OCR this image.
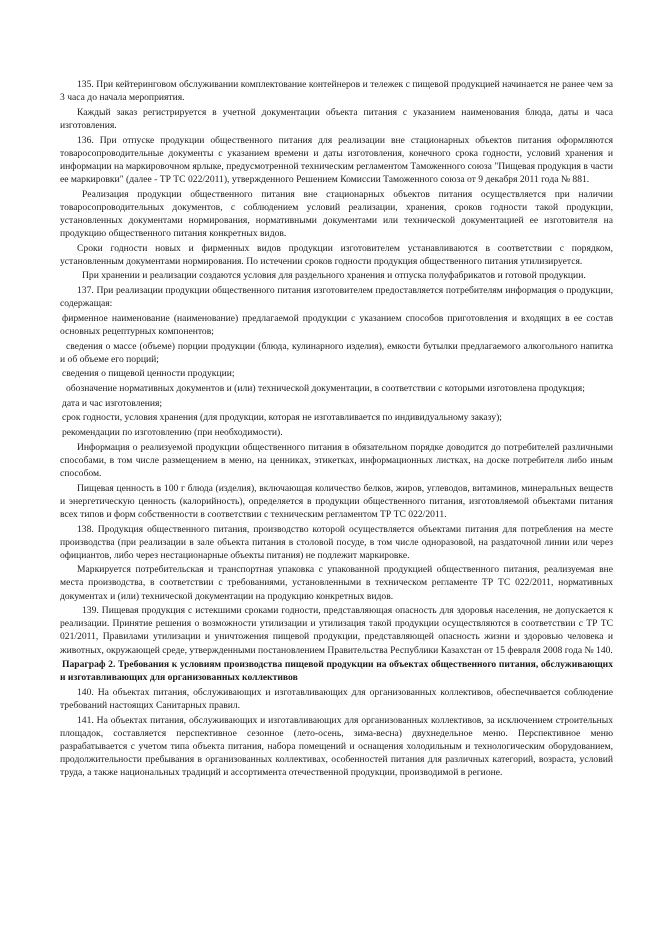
135. При кейтеринговом обслуживании комплектование контейнеров и тележек с пищевой продукцией начинается не ранее чем за 3 часа до начала мероприятия.

Каждый заказ регистрируется в учетной документации объекта питания с указанием наименования блюда, даты и часа изготовления.

136. При отпуске продукции общественного питания для реализации вне стационарных объектов питания оформляются товаросопроводительные документы с указанием времени и даты изготовления, конечного срока годности, условий хранения и информации на маркировочном ярлыке, предусмотренной техническим регламентом Таможенного союза "Пищевая продукция в части ее маркировки" (далее - ТР ТС 022/2011), утвержденного Решением Комиссии Таможенного союза от 9 декабря 2011 года № 881.

Реализация продукции общественного питания вне стационарных объектов питания осуществляется при наличии товаросопроводительных документов, с соблюдением условий реализации, хранения, сроков годности такой продукции, установленных документами нормирования, нормативными документами или технической документацией ее изготовителя на продукцию общественного питания конкретных видов.

Сроки годности новых и фирменных видов продукции изготовителем устанавливаются в соответствии с порядком, установленным документами нормирования. По истечении сроков годности продукция общественного питания утилизируется.

При хранении и реализации создаются условия для раздельного хранения и отпуска полуфабрикатов и готовой продукции.

137. При реализации продукции общественного питания изготовителем предоставляется потребителям информация о продукции, содержащая:

фирменное наименование (наименование) предлагаемой продукции с указанием способов приготовления и входящих в ее состав основных рецептурных компонентов;

сведения о массе (объеме) порции продукции (блюда, кулинарного изделия), емкости бутылки предлагаемого алкогольного напитка и об объеме его порций;

сведения о пищевой ценности продукции;

обозначение нормативных документов и (или) технической документации, в соответствии с которыми изготовлена продукция;

дата и час изготовления;

срок годности, условия хранения (для продукции, которая не изготавливается по индивидуальному заказу);

рекомендации по изготовлению (при необходимости).

Информация о реализуемой продукции общественного питания в обязательном порядке доводится до потребителей различными способами, в том числе размещением в меню, на ценниках, этикетках, информационных листках, на доске потребителя либо иным способом.

Пищевая ценность в 100 г блюда (изделия), включающая количество белков, жиров, углеводов, витаминов, минеральных веществ и энергетическую ценность (калорийность), определяется в продукции общественного питания, изготовляемой объектами питания всех типов и форм собственности в соответствии с техническим регламентом ТР ТС 022/2011.

138. Продукция общественного питания, производство которой осуществляется объектами питания для потребления на месте производства (при реализации в зале объекта питания в столовой посуде, в том числе одноразовой, на раздаточной линии или через официантов, либо через нестационарные объекты питания) не подлежит маркировке.

Маркируется потребительская и транспортная упаковка с упакованной продукцией общественного питания, реализуемая вне места производства, в соответствии с требованиями, установленными в техническом регламенте ТР ТС 022/2011, нормативных документах и (или) технической документации на продукцию конкретных видов.

139. Пищевая продукция с истекшими сроками годности, представляющая опасность для здоровья населения, не допускается к реализации. Принятие решения о возможности утилизации и утилизация такой продукции осуществляются в соответствии с ТР ТС 021/2011, Правилами утилизации и уничтожения пищевой продукции, представляющей опасность жизни и здоровью человека и животных, окружающей среде, утвержденными постановлением Правительства Республики Казахстан от 15 февраля 2008 года № 140.

Параграф 2. Требования к условиям производства пищевой продукции на объектах общественного питания, обслуживающих и изготавливающих для организованных коллективов

140. На объектах питания, обслуживающих и изготавливающих для организованных коллективов, обеспечивается соблюдение требований настоящих Санитарных правил.

141. На объектах питания, обслуживающих и изготавливающих для организованных коллективов, за исключением строительных площадок, составляется перспективное сезонное (лето-осень, зима-весна) двухнедельное меню. Перспективное меню разрабатывается с учетом типа объекта питания, набора помещений и оснащения холодильным и технологическим оборудованием, продолжительности пребывания в организованных коллективах, особенностей питания для различных категорий, возраста, условий труда, а также национальных традиций и ассортимента отечественной продукции, производимой в регионе.
